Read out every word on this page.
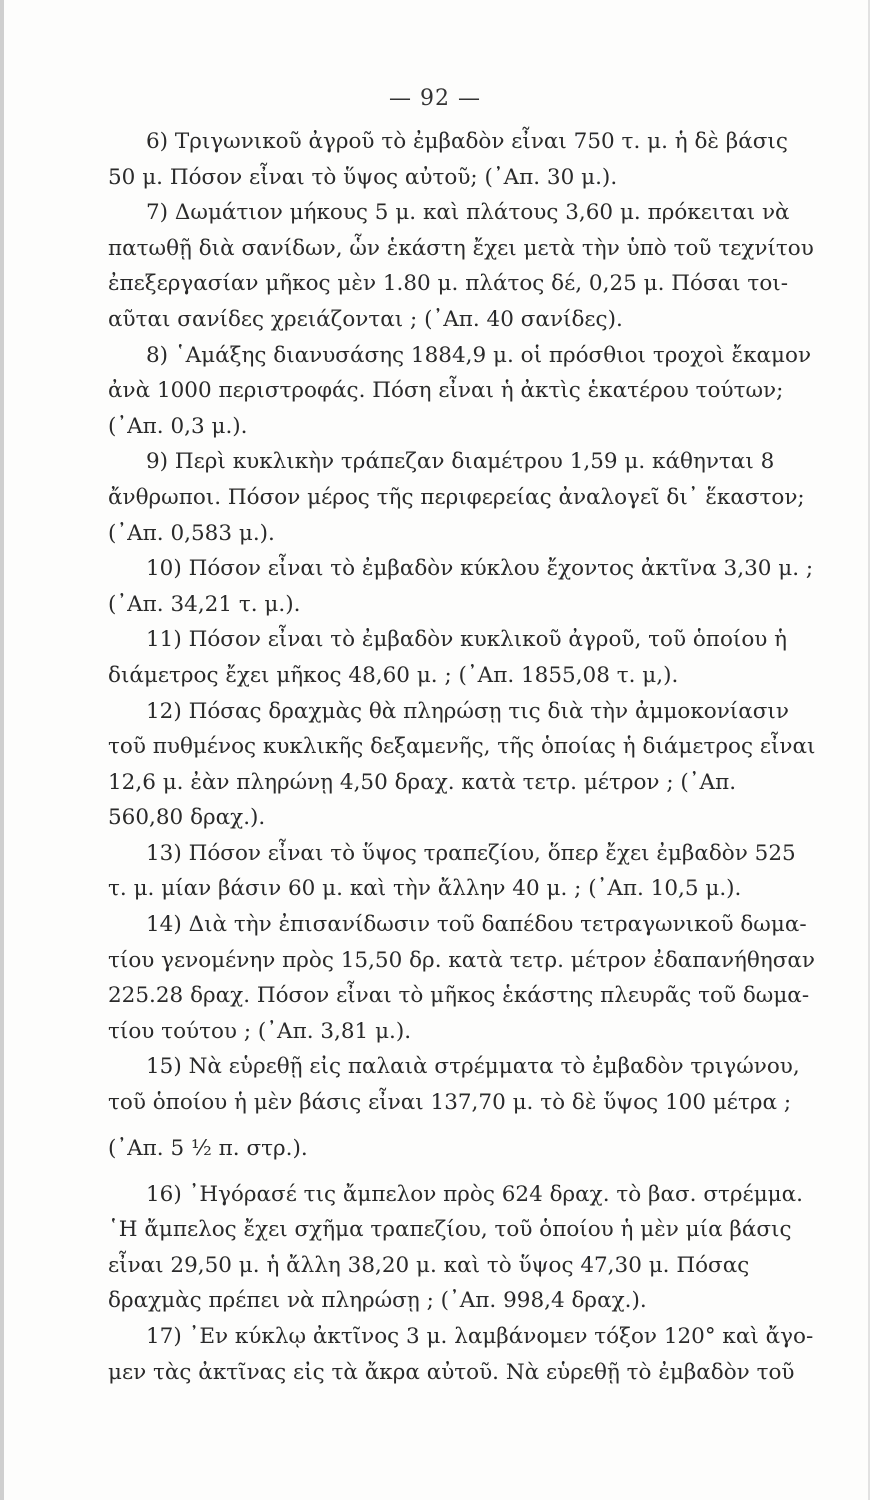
— 92 —
6) Τριγωνικοῦ ἀγροῦ τὸ ἐμβαδὸν εἶναι 750 τ. μ. ἡ δὲ βάσις
50 μ. Πόσον εἶναι τὸ ὕψος αὐτοῦ; (᾿Απ. 30 μ.).
7) Δωμάτιον μήκους 5 μ. καὶ πλάτους 3,60 μ. πρόκειται νὰ
πατωθῇ διὰ σανίδων, ὧν ἑκάστη ἔχει μετὰ τὴν ὑπὸ τοῦ τεχνίτου
ἐπεξεργασίαν μῆκος μὲν 1.80 μ. πλάτος δέ, 0,25 μ. Πόσαι τοι-
αῦται σανίδες χρειάζονται ; (᾿Απ. 40 σανίδες).
8) ῾Αμάξης διανυσάσης 1884,9 μ. οἱ πρόσθιοι τροχοὶ ἔκαμον
ἀνὰ 1000 περιστροφάς. Πόση εἶναι ἡ ἀκτὶς ἑκατέρου τούτων;
(᾿Απ. 0,3 μ.).
9) Περὶ κυκλικὴν τράπεζαν διαμέτρου 1,59 μ. κάθηνται 8
ἄνθρωποι. Πόσον μέρος τῆς περιφερείας ἀναλογεῖ δι᾿ ἕκαστον;
(᾿Απ. 0,583 μ.).
10) Πόσον εἶναι τὸ ἐμβαδὸν κύκλου ἔχοντος ἀκτῖνα 3,30 μ. ;
(᾿Απ. 34,21 τ. μ.).
11) Πόσον εἶναι τὸ ἐμβαδὸν κυκλικοῦ ἀγροῦ, τοῦ ὁποίου ἡ
διάμετρος ἔχει μῆκος 48,60 μ. ; (᾿Απ. 1855,08 τ. μ,).
12) Πόσας δραχμὰς θὰ πληρώσῃ τις διὰ τὴν ἀμμοκονίασιν
τοῦ πυθμένος κυκλικῆς δεξαμενῆς, τῆς ὁποίας ἡ διάμετρος εἶναι
12,6 μ. ἐὰν πληρώνῃ 4,50 δραχ. κατὰ τετρ. μέτρον ; (᾿Απ.
560,80 δραχ.).
13) Πόσον εἶναι τὸ ὕψος τραπεζίου, ὅπερ ἔχει ἐμβαδὸν 525
τ. μ. μίαν βάσιν 60 μ. καὶ τὴν ἄλλην 40 μ. ; (᾿Απ. 10,5 μ.).
14) Διὰ τὴν ἐπισανίδωσιν τοῦ δαπέδου τετραγωνικοῦ δωμα-
τίου γενομένην πρὸς 15,50 δρ. κατὰ τετρ. μέτρον ἐδαπανήθησαν
225.28 δραχ. Πόσον εἶναι τὸ μῆκος ἑκάστης πλευρᾶς τοῦ δωμα-
τίου τούτου ; (᾿Απ. 3,81 μ.).
15) Νὰ εὑρεθῇ εἰς παλαιὰ στρέμματα τὸ ἐμβαδὸν τριγώνου,
τοῦ ὁποίου ἡ μὲν βάσις εἶναι 137,70 μ. τὸ δὲ ὕψος 100 μέτρα ;
(᾿Απ. 5 ½ π. στρ.).
16) ᾿Ηγόρασέ τις ἄμπελον πρὸς 624 δραχ. τὸ βασ. στρέμμα.
῾Η ἄμπελος ἔχει σχῆμα τραπεζίου, τοῦ ὁποίου ἡ μὲν μία βάσις
εἶναι 29,50 μ. ἡ ἄλλη 38,20 μ. καὶ τὸ ὕψος 47,30 μ. Πόσας
δραχμὰς πρέπει νὰ πληρώσῃ ; (᾿Απ. 998,4 δραχ.).
17) ᾿Εν κύκλῳ ἀκτῖνος 3 μ. λαμβάνομεν τόξον 120° καὶ ἄγο-
μεν τὰς ἀκτῖνας εἰς τὰ ἄκρα αὐτοῦ. Νὰ εὑρεθῇ τὸ ἐμβαδὸν τοῦ
